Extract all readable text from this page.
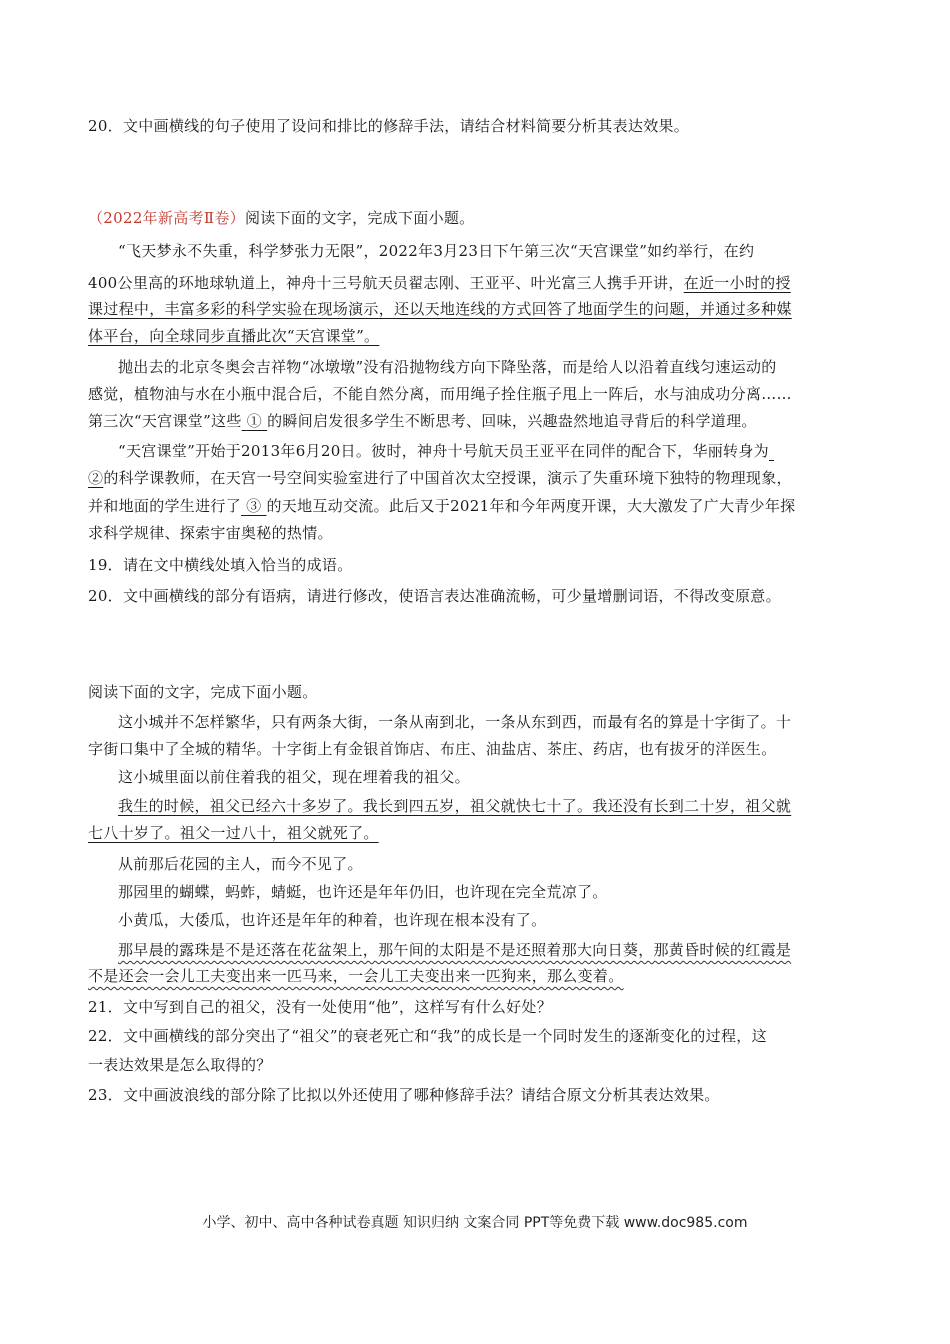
20．文中画横线的句子使用了设问和排比的修辞手法，请结合材料简要分析其表达效果。
（2022年新高考Ⅱ卷）阅读下面的文字，完成下面小题。
“飞天梦永不失重，科学梦张力无限”，2022年3月23日下午第三次“天宫课堂”如约举行，在约
400公里高的环地球轨道上，神舟十三号航天员翟志刚、王亚平、叶光富三人携手开讲，在近一小时的授
课过程中，丰富多彩的科学实验在现场演示，还以天地连线的方式回答了地面学生的问题，并通过多种媒
体平台，向全球同步直播此次“天宫课堂”。
抛出去的北京冬奥会吉祥物“冰墩墩”没有沿抛物线方向下降坠落，而是给人以沿着直线匀速运动的
感觉，植物油与水在小瓶中混合后，不能自然分离，而用绳子拴住瓶子甩上一阵后，水与油成功分离……
第三次“天宫课堂”这些 ① 的瞬间启发很多学生不断思考、回味，兴趣盎然地追寻背后的科学道理。
“天宫课堂”开始于2013年6月20日。彼时，神舟十号航天员王亚平在同伴的配合下，华丽转身为
②的科学课教师，在天宫一号空间实验室进行了中国首次太空授课，演示了失重环境下独特的物理现象，
并和地面的学生进行了 ③ 的天地互动交流。此后又于2021年和今年两度开课，大大激发了广大青少年探
求科学规律、探索宇宙奥秘的热情。
19．请在文中横线处填入恰当的成语。
20．文中画横线的部分有语病，请进行修改，使语言表达准确流畅，可少量增删词语，不得改变原意。
阅读下面的文字，完成下面小题。
这小城并不怎样繁华，只有两条大街，一条从南到北，一条从东到西，而最有名的算是十字街了。十
字街口集中了全城的精华。十字街上有金银首饰店、布庄、油盐店、茶庄、药店，也有拔牙的洋医生。
这小城里面以前住着我的祖父，现在埋着我的祖父。
我生的时候，祖父已经六十多岁了。我长到四五岁，祖父就快七十了。我还没有长到二十岁，祖父就
七八十岁了。祖父一过八十，祖父就死了。
从前那后花园的主人，而今不见了。
那园里的蝴蝶，蚂蚱，蜻蜓，也许还是年年仍旧，也许现在完全荒凉了。
小黄瓜，大倭瓜，也许还是年年的种着，也许现在根本没有了。
那早晨的露珠是不是还落在花盆架上，那午间的太阳是不是还照着那大向日葵，那黄昏时候的红霞是
不是还会一会儿工夫变出来一匹马来，一会儿工夫变出来一匹狗来，那么变着。
21．文中写到自己的祖父，没有一处使用“他”，这样写有什么好处？
22．文中画横线的部分突出了“祖父”的衰老死亡和“我”的成长是一个同时发生的逐渐变化的过程，这
一表达效果是怎么取得的？
23．文中画波浪线的部分除了比拟以外还使用了哪种修辞手法？请结合原文分析其表达效果。
小学、初中、高中各种试卷真题 知识归纳 文案合同 PPT等免费下载 www.doc985.com
